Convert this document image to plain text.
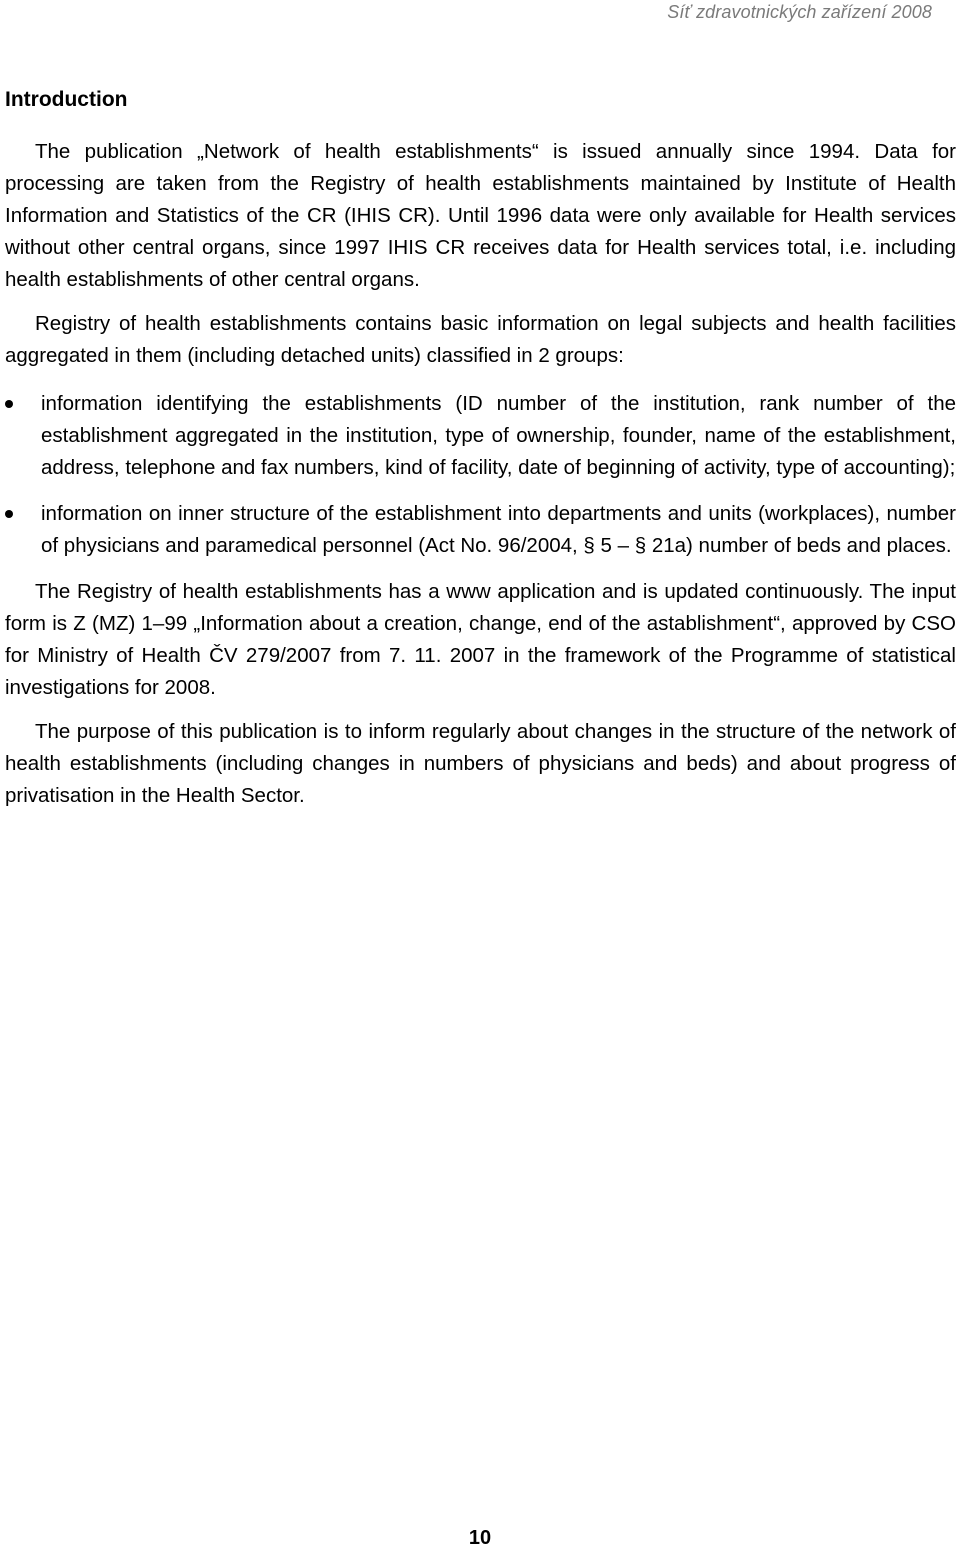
Síť zdravotnických zařízení 2008
Introduction

The publication „Network of health establishments“ is issued annually since 1994. Data for processing are taken from the Registry of health establishments maintained by Institute of Health Information and Statistics of the CR (IHIS CR). Until 1996 data were only available for Health services without other central organs, since 1997 IHIS CR receives data for Health services total, i.e. including health establishments of other central organs.

Registry of health establishments contains basic information on legal subjects and health facilities aggregated in them (including detached units) classified in 2 groups:

information identifying the establishments (ID number of the institution, rank number of the establishment aggregated in the institution, type of ownership, founder, name of the establishment, address, telephone and fax numbers, kind of facility, date of beginning of activity, type of accounting);
information on inner structure of the establishment into departments and units (workplaces), number of physicians and paramedical personnel (Act No. 96/2004, § 5 – § 21a) number of beds and places.

The Registry of health establishments has a www application and is updated continuously. The input form is Z (MZ) 1–99 „Information about a creation, change, end of the astablishment“, approved by CSO for Ministry of Health ČV 279/2007 from 7. 11. 2007 in the framework of the Programme of statistical investigations for 2008.

The purpose of this publication is to inform regularly about changes in the structure of the network of health establishments (including changes in numbers of physicians and beds) and about progress of privatisation in the Health Sector.

10
